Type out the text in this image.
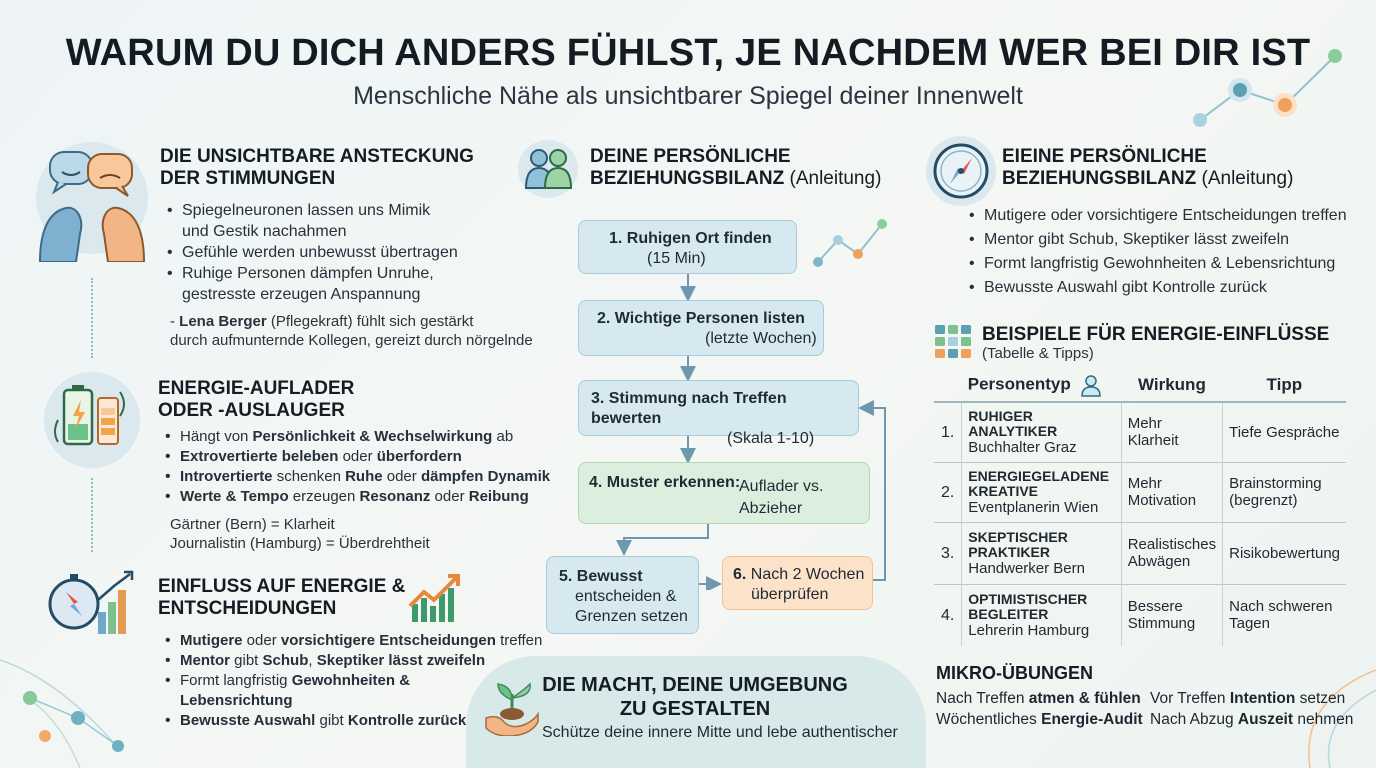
WARUM DU DICH ANDERS FÜHLST, JE NACHDEM WER BEI DIR IST
Menschliche Nähe als unsichtbarer Spiegel deiner Innenwelt
DIE UNSICHTBARE ANSTECKUNG
DER STIMMUNGEN
• Spiegelneuronen lassen uns Mimik
und Gestik nachahmen
• Gefühle werden unbewusst übertragen
• Ruhige Personen dämpfen Unruhe,
gestresste erzeugen Anspannung
- Lena Berger (Pflegekraft) fühlt sich gestärkt
durch aufmunternde Kollegen, gereizt durch nörgelnde
ENERGIE-AUFLADER
ODER -AUSLAUGER
• Hängt von Persönlichkeit & Wechselwirkung ab
• Extrovertierte beleben oder überfordern
• Introvertierte schenken Ruhe oder dämpfen Dynamik
• Werte & Tempo erzeugen Resonanz oder Reibung
Gärtner (Bern) = Klarheit
Journalistin (Hamburg) = Überdrehtheit
EINFLUSS AUF ENERGIE &
ENTSCHEIDUNGEN
• Mutigere oder vorsichtigere Entscheidungen treffen
• Mentor gibt Schub, Skeptiker lässt zweifeln
• Formt langfristig Gewohnheiten &
Lebensrichtung
• Bewusste Auswahl gibt Kontrolle zurück
DEINE PERSÖNLICHE
BEZIEHUNGSBILANZ (Anleitung)
1. Ruhigen Ort finden
(15 Min)
2. Wichtige Personen listen
(letzte Wochen)
3. Stimmung nach Treffen bewerten
(Skala 1-10)
4. Muster erkennen:
Auflader vs.
Abzieher
5. Bewusst
entscheiden &
Grenzen setzen
6. Nach 2 Wochen
überprüfen
DIE MACHT, DEINE UMGEBUNG
ZU GESTALTEN
Schütze deine innere Mitte und lebe authentischer
EIEINE PERSÖNLICHE
BEZIEHUNGSBILANZ (Anleitung)
• Mutigere oder vorsichtigere Entscheidungen treffen
• Mentor gibt Schub, Skeptiker lässt zweifeln
• Formt langfristig Gewohnheiten & Lebensrichtung
• Bewusste Auswahl gibt Kontrolle zurück
BEISPIELE FÜR ENERGIE-EINFLÜSSE
(Tabelle & Tipps)
	Personentyp	Wirkung	Tipp
1.	RUHIGER
ANALYTIKER
Buchhalter Graz	Mehr
Klarheit	Tiefe Gespräche

2.	ENERGIEGELADENE
KREATIVE
Eventplanerin Wien	Mehr
Motivation	Brainstorming
(begrenzt)
3.	SKEPTISCHER
PRAKTIKER
Handwerker Bern	Realistisches
Abwägen	Risikobewertung

4.	OPTIMISTISCHER
BEGLEITER
Lehrerin Hamburg	Bessere
Stimmung	Nach schweren
Tagen
MIKRO-ÜBUNGEN
Nach Treffen atmen & fühlen
Wöchentliches Energie-Audit
Vor Treffen Intention setzen
Nach Abzug Auszeit nehmen
